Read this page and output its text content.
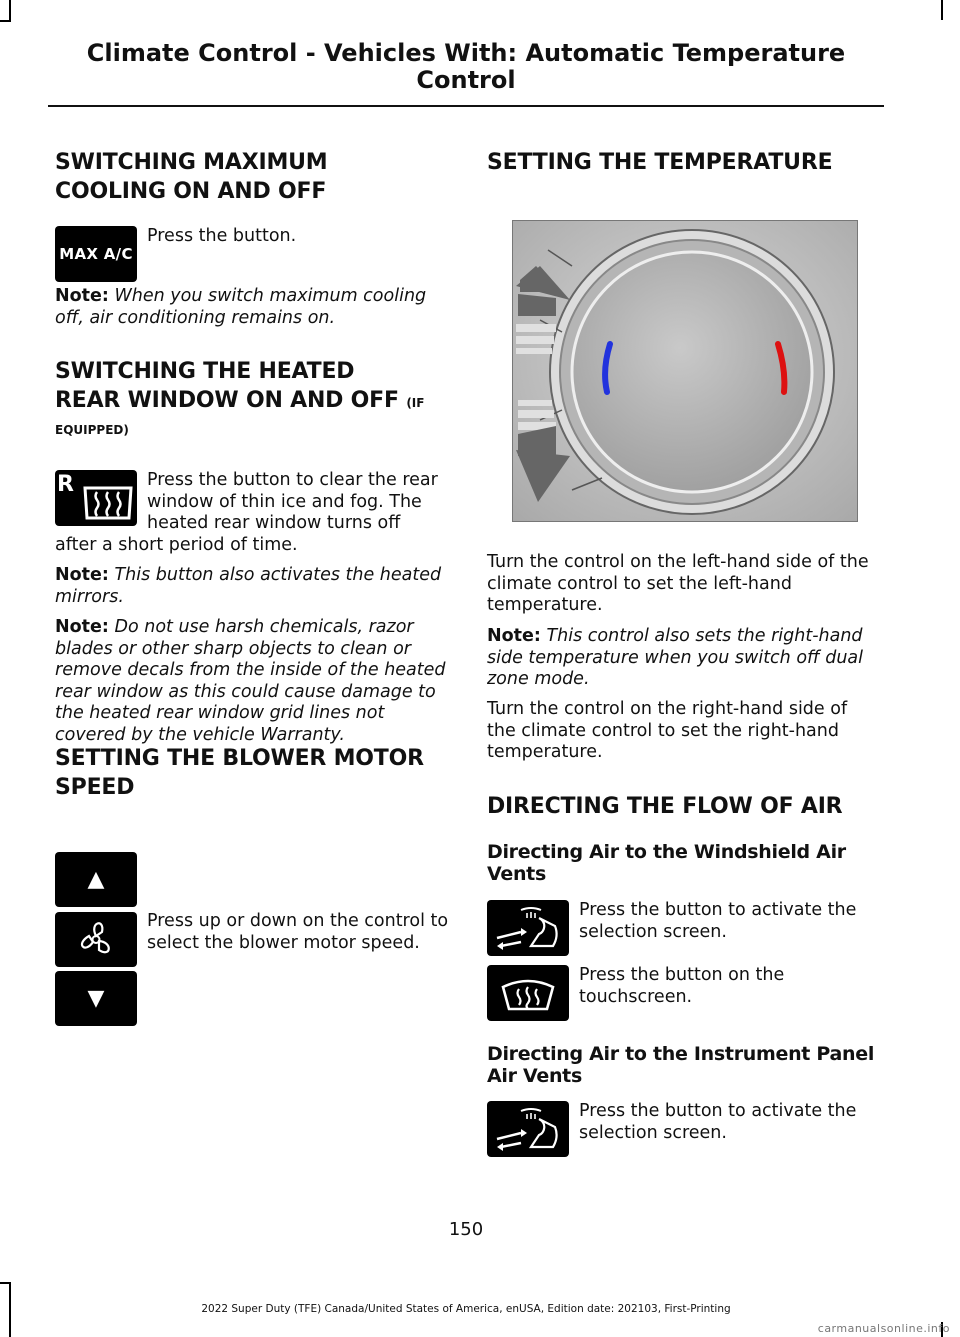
Climate Control - Vehicles With: Automatic Temperature
Control
SWITCHING MAXIMUM
COOLING ON AND OFF
MAX A/C
Press the button.
Note: When you switch maximum cooling off, air conditioning remains on.
SWITCHING THE HEATED
REAR WINDOW ON AND OFF (IF
EQUIPPED)
R	Press the button to clear the rear
window of thin ice and fog. The
heated rear window turns off
after a short period of time.
Note: This button also activates the heated mirrors.
Note: Do not use harsh chemicals, razor blades or other sharp objects to clean or remove decals from the inside of the heated rear window as this could cause damage to the heated rear window grid lines not covered by the vehicle Warranty.
SETTING THE BLOWER MOTOR
SPEED
▲
▼
Press up or down on the control to select the blower motor speed.
SETTING THE TEMPERATURE
Turn the control on the left-hand side of the climate control to set the left-hand temperature.
Note: This control also sets the right-hand side temperature when you switch off dual zone mode.
Turn the control on the right-hand side of the climate control to set the right-hand temperature.
DIRECTING THE FLOW OF AIR
Directing Air to the Windshield Air Vents
Press the button to activate the selection screen.
Press the button on the touchscreen.
Directing Air to the Instrument Panel Air Vents
Press the button to activate the selection screen.
150
2022 Super Duty (TFE) Canada/United States of America, enUSA, Edition date: 202103, First-Printing
carmanualsonline.info
